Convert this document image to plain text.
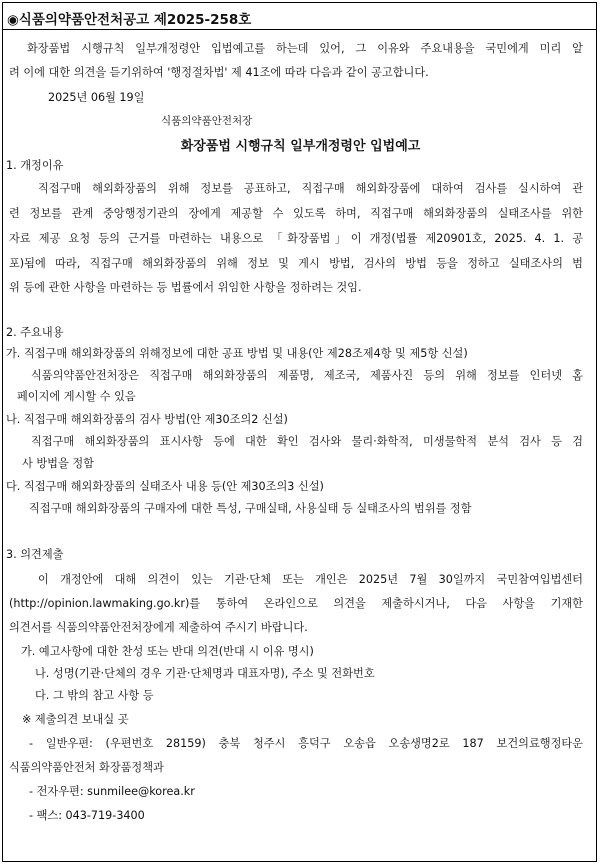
◉식품의약품안전처공고 제2025-258호
화장품법 시행규칙 일부개정령안 입법예고를 하는데 있어, 그 이유와 주요내용을 국민에게 미리 알
려 이에 대한 의견을 듣기위하여 '행정절차법' 제 41조에 따라 다음과 같이 공고합니다.
2025년 06월 19일
식품의약품안전처장
화장품법 시행규칙 일부개정령안 입법예고
1. 개정이유
직접구매 해외화장품의 위해 정보를 공표하고, 직접구매 해외화장품에 대하여 검사를 실시하여 관
련 정보를 관계 중앙행정기관의 장에게 제공할 수 있도록 하며, 직접구매 해외화장품의 실태조사를 위한
자료 제공 요청 등의 근거를 마련하는 내용으로 「화장품법」이 개정(법률 제20901호, 2025. 4. 1. 공
포)됨에 따라, 직접구매 해외화장품의 위해 정보 및 게시 방법, 검사의 방법 등을 정하고 실태조사의 범
위 등에 관한 사항을 마련하는 등 법률에서 위임한 사항을 정하려는 것임.
2. 주요내용
가. 직접구매 해외화장품의 위해정보에 대한 공표 방법 및 내용(안 제28조제4항 및 제5항 신설)
식품의약품안전처장은 직접구매 해외화장품의 제품명, 제조국, 제품사진 등의 위해 정보를 인터넷 홈
페이지에 게시할 수 있음
나. 직접구매 해외화장품의 검사 방법(안 제30조의2 신설)
직접구매 해외화장품의 표시사항 등에 대한 확인 검사와 물리·화학적, 미생물학적 분석 검사 등 검
사 방법을 정함
다. 직접구매 해외화장품의 실태조사 내용 등(안 제30조의3 신설)
직접구매 해외화장품의 구매자에 대한 특성, 구매실태, 사용실태 등 실태조사의 범위를 정함
3. 의견제출
이 개정안에 대해 의견이 있는 기관·단체 또는 개인은 2025년 7월 30일까지 국민참여입법센터
(http://opinion.lawmaking.go.kr)를 통하여 온라인으로 의견을 제출하시거나, 다음 사항을 기재한
의견서를 식품의약품안전처장에게 제출하여 주시기 바랍니다.
가. 예고사항에 대한 찬성 또는 반대 의견(반대 시 이유 명시)
나. 성명(기관·단체의 경우 기관·단체명과 대표자명), 주소 및 전화번호
다. 그 밖의 참고 사항 등
※ 제출의견 보내실 곳
- 일반우편: (우편번호 28159) 충북 청주시 흥덕구 오송읍 오송생명2로 187 보건의료행정타운
식품의약품안전처 화장품정책과
- 전자우편: sunmilee@korea.kr
- 팩스: 043-719-3400
